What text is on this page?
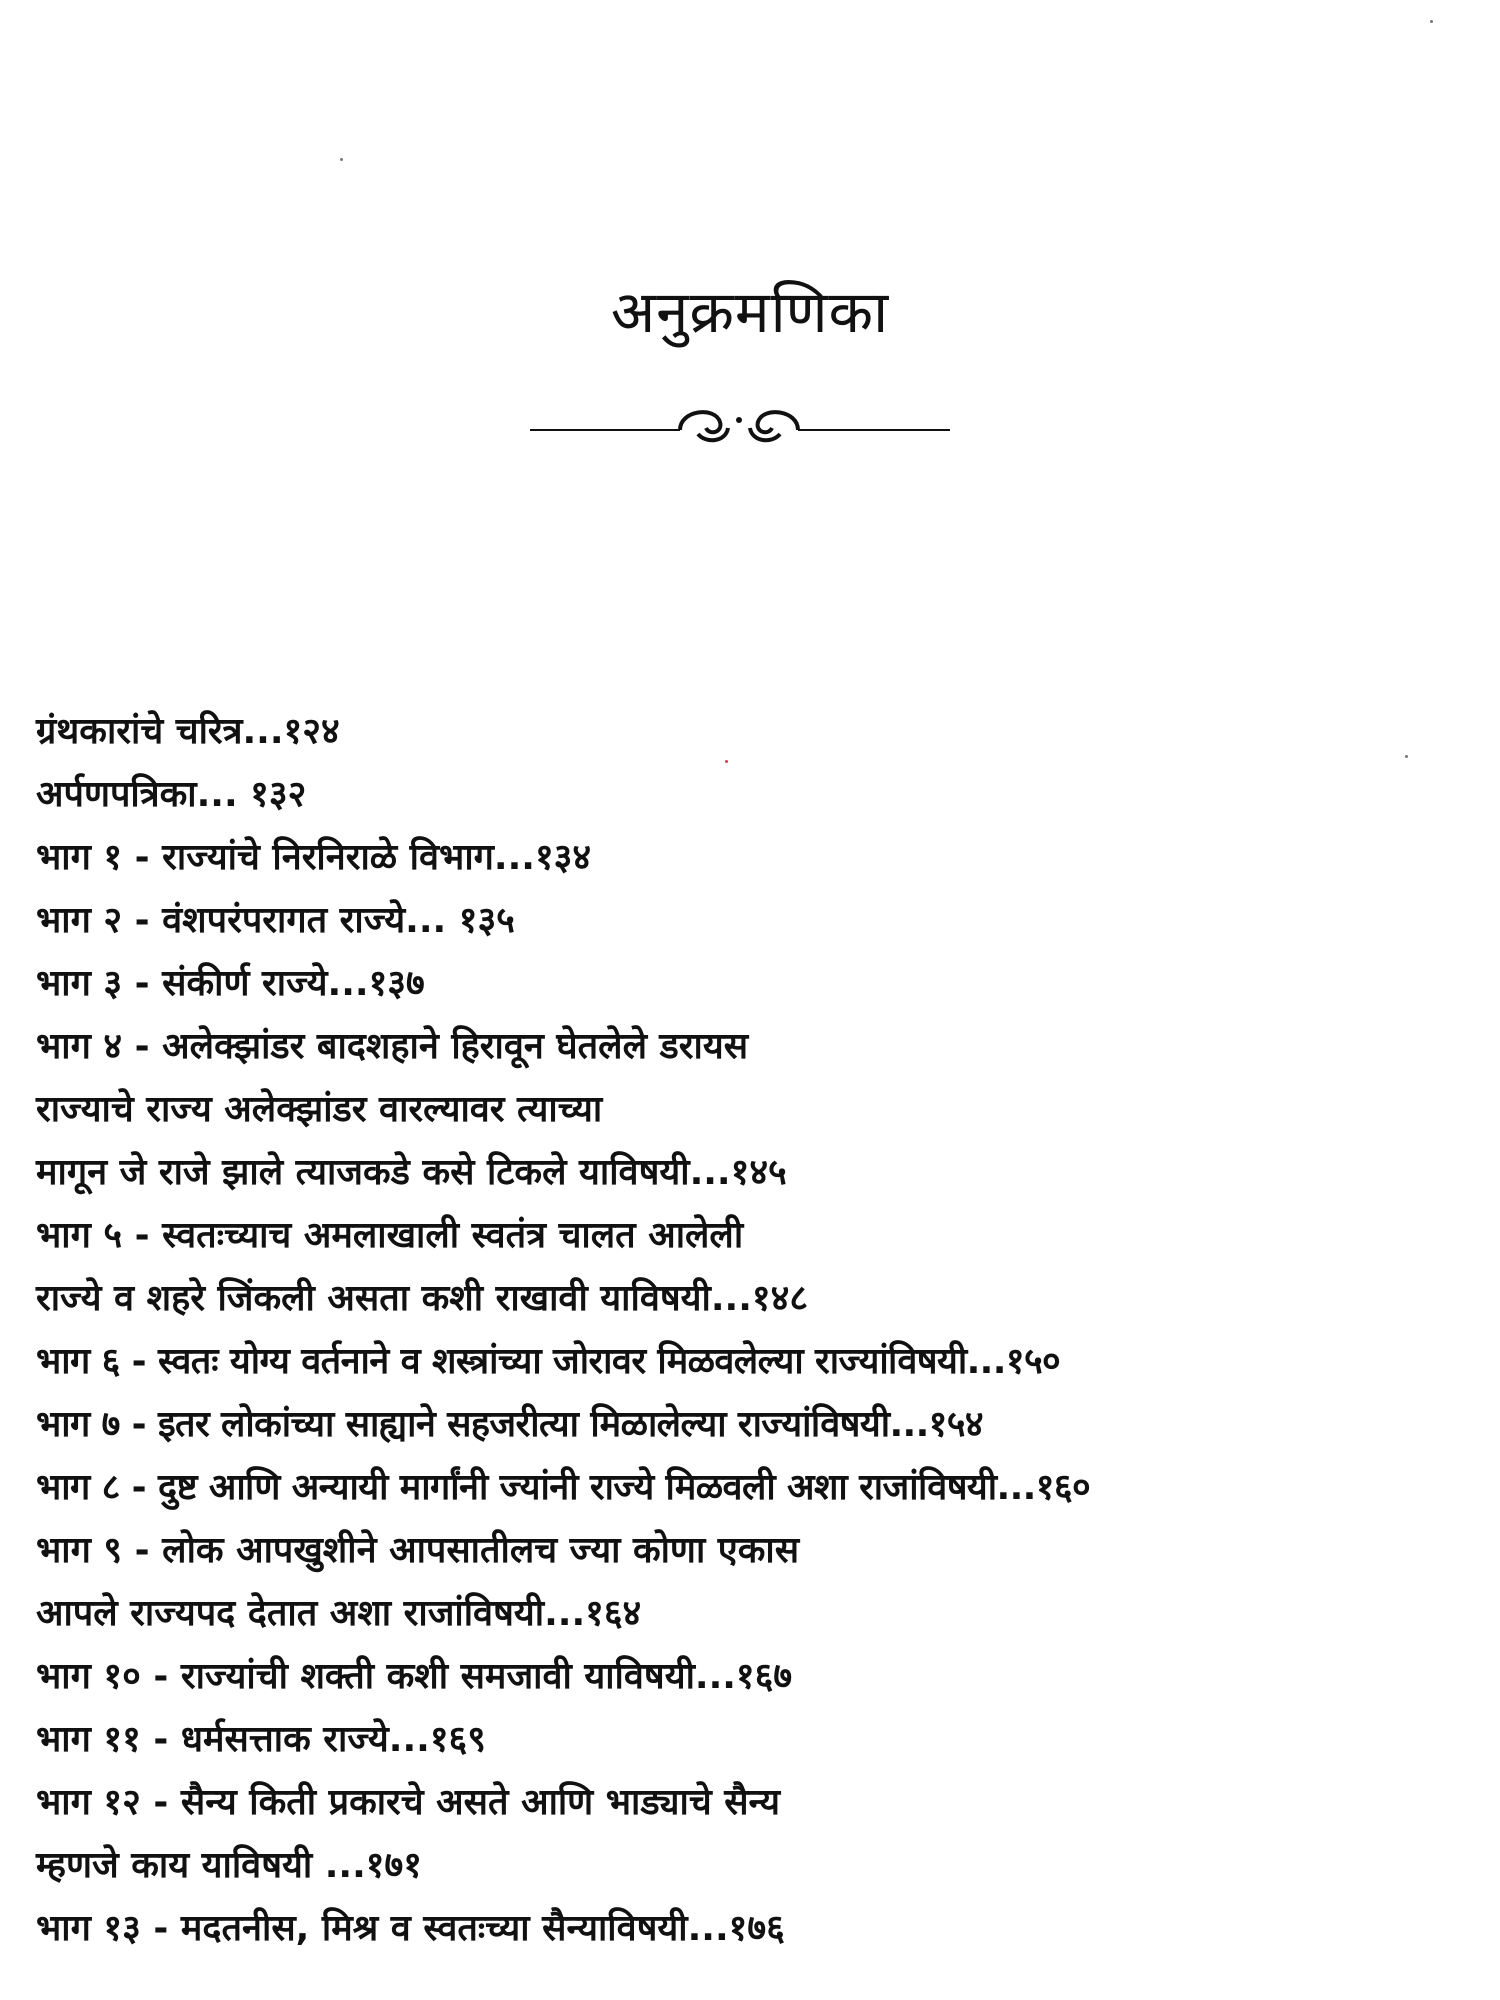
अनुक्रमणिका
ग्रंथकारांचे चरित्र...१२४
अर्पणपत्रिका... १३२
भाग १ - राज्यांचे निरनिराळे विभाग...१३४
भाग २ - वंशपरंपरागत राज्ये... १३५
भाग ३ - संकीर्ण राज्ये...१३७
भाग ४ - अलेक्झांडर बादशहाने हिरावून घेतलेले डरायस
राज्याचे राज्य अलेक्झांडर वारल्यावर त्याच्या
मागून जे राजे झाले त्याजकडे कसे टिकले याविषयी...१४५
भाग ५ - स्वतःच्याच अमलाखाली स्वतंत्र चालत आलेली
राज्ये व शहरे जिंकली असता कशी राखावी याविषयी...१४८
भाग ६ - स्वतः योग्य वर्तनाने व शस्त्रांच्या जोरावर मिळवलेल्या राज्यांविषयी...१५०
भाग ७ - इतर लोकांच्या साह्याने सहजरीत्या मिळालेल्या राज्यांविषयी...१५४
भाग ८ - दुष्ट आणि अन्यायी मार्गांनी ज्यांनी राज्ये मिळवली अशा राजांविषयी...१६०
भाग ९ - लोक आपखुशीने आपसातीलच ज्या कोणा एकास
आपले राज्यपद देतात अशा राजांविषयी...१६४
भाग १० - राज्यांची शक्ती कशी समजावी याविषयी...१६७
भाग ११ - धर्मसत्ताक राज्ये...१६९
भाग १२ - सैन्य किती प्रकारचे असते आणि भाड्याचे सैन्य
म्हणजे काय याविषयी ...१७१
भाग १३ - मदतनीस, मिश्र व स्वतःच्या सैन्याविषयी...१७६
